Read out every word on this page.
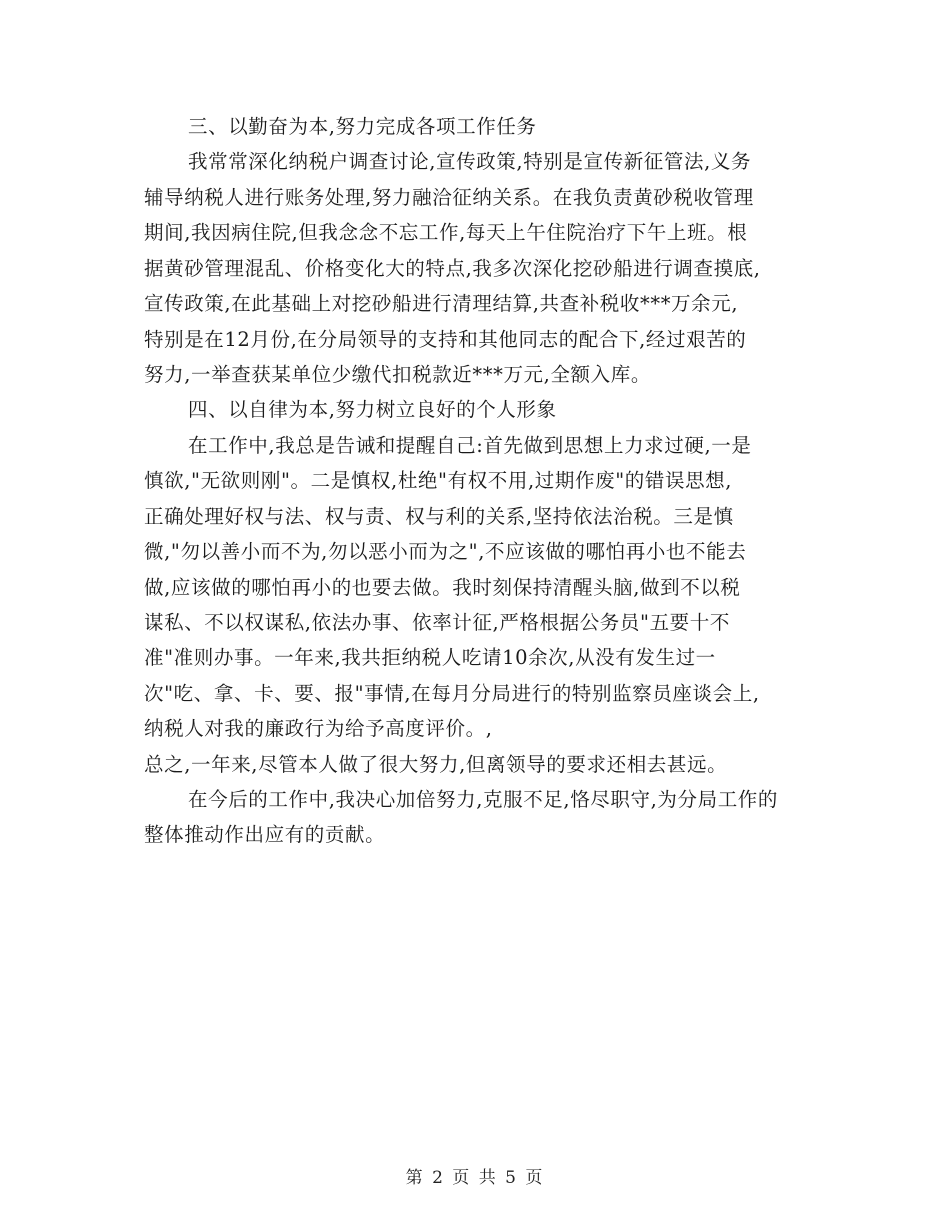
三、以勤奋为本,努力完成各项工作任务
我常常深化纳税户调查讨论,宣传政策,特别是宣传新征管法,义务
辅导纳税人进行账务处理,努力融洽征纳关系。在我负责黄砂税收管理
期间,我因病住院,但我念念不忘工作,每天上午住院治疗下午上班。根
据黄砂管理混乱、价格变化大的特点,我多次深化挖砂船进行调查摸底,
宣传政策,在此基础上对挖砂船进行清理结算,共查补税收***万余元,
特别是在12月份,在分局领导的支持和其他同志的配合下,经过艰苦的
努力,一举查获某单位少缴代扣税款近***万元,全额入库。
四、以自律为本,努力树立良好的个人形象
在工作中,我总是告诫和提醒自己:首先做到思想上力求过硬,一是
慎欲,"无欲则刚"。二是慎权,杜绝"有权不用,过期作废"的错误思想,
正确处理好权与法、权与责、权与利的关系,坚持依法治税。三是慎
微,"勿以善小而不为,勿以恶小而为之",不应该做的哪怕再小也不能去
做,应该做的哪怕再小的也要去做。我时刻保持清醒头脑,做到不以税
谋私、不以权谋私,依法办事、依率计征,严格根据公务员"五要十不
准"准则办事。一年来,我共拒纳税人吃请10余次,从没有发生过一
次"吃、拿、卡、要、报"事情,在每月分局进行的特别监察员座谈会上,
纳税人对我的廉政行为给予高度评价。,
总之,一年来,尽管本人做了很大努力,但离领导的要求还相去甚远。
在今后的工作中,我决心加倍努力,克服不足,恪尽职守,为分局工作的
整体推动作出应有的贡献。
第 2 页 共 5 页
